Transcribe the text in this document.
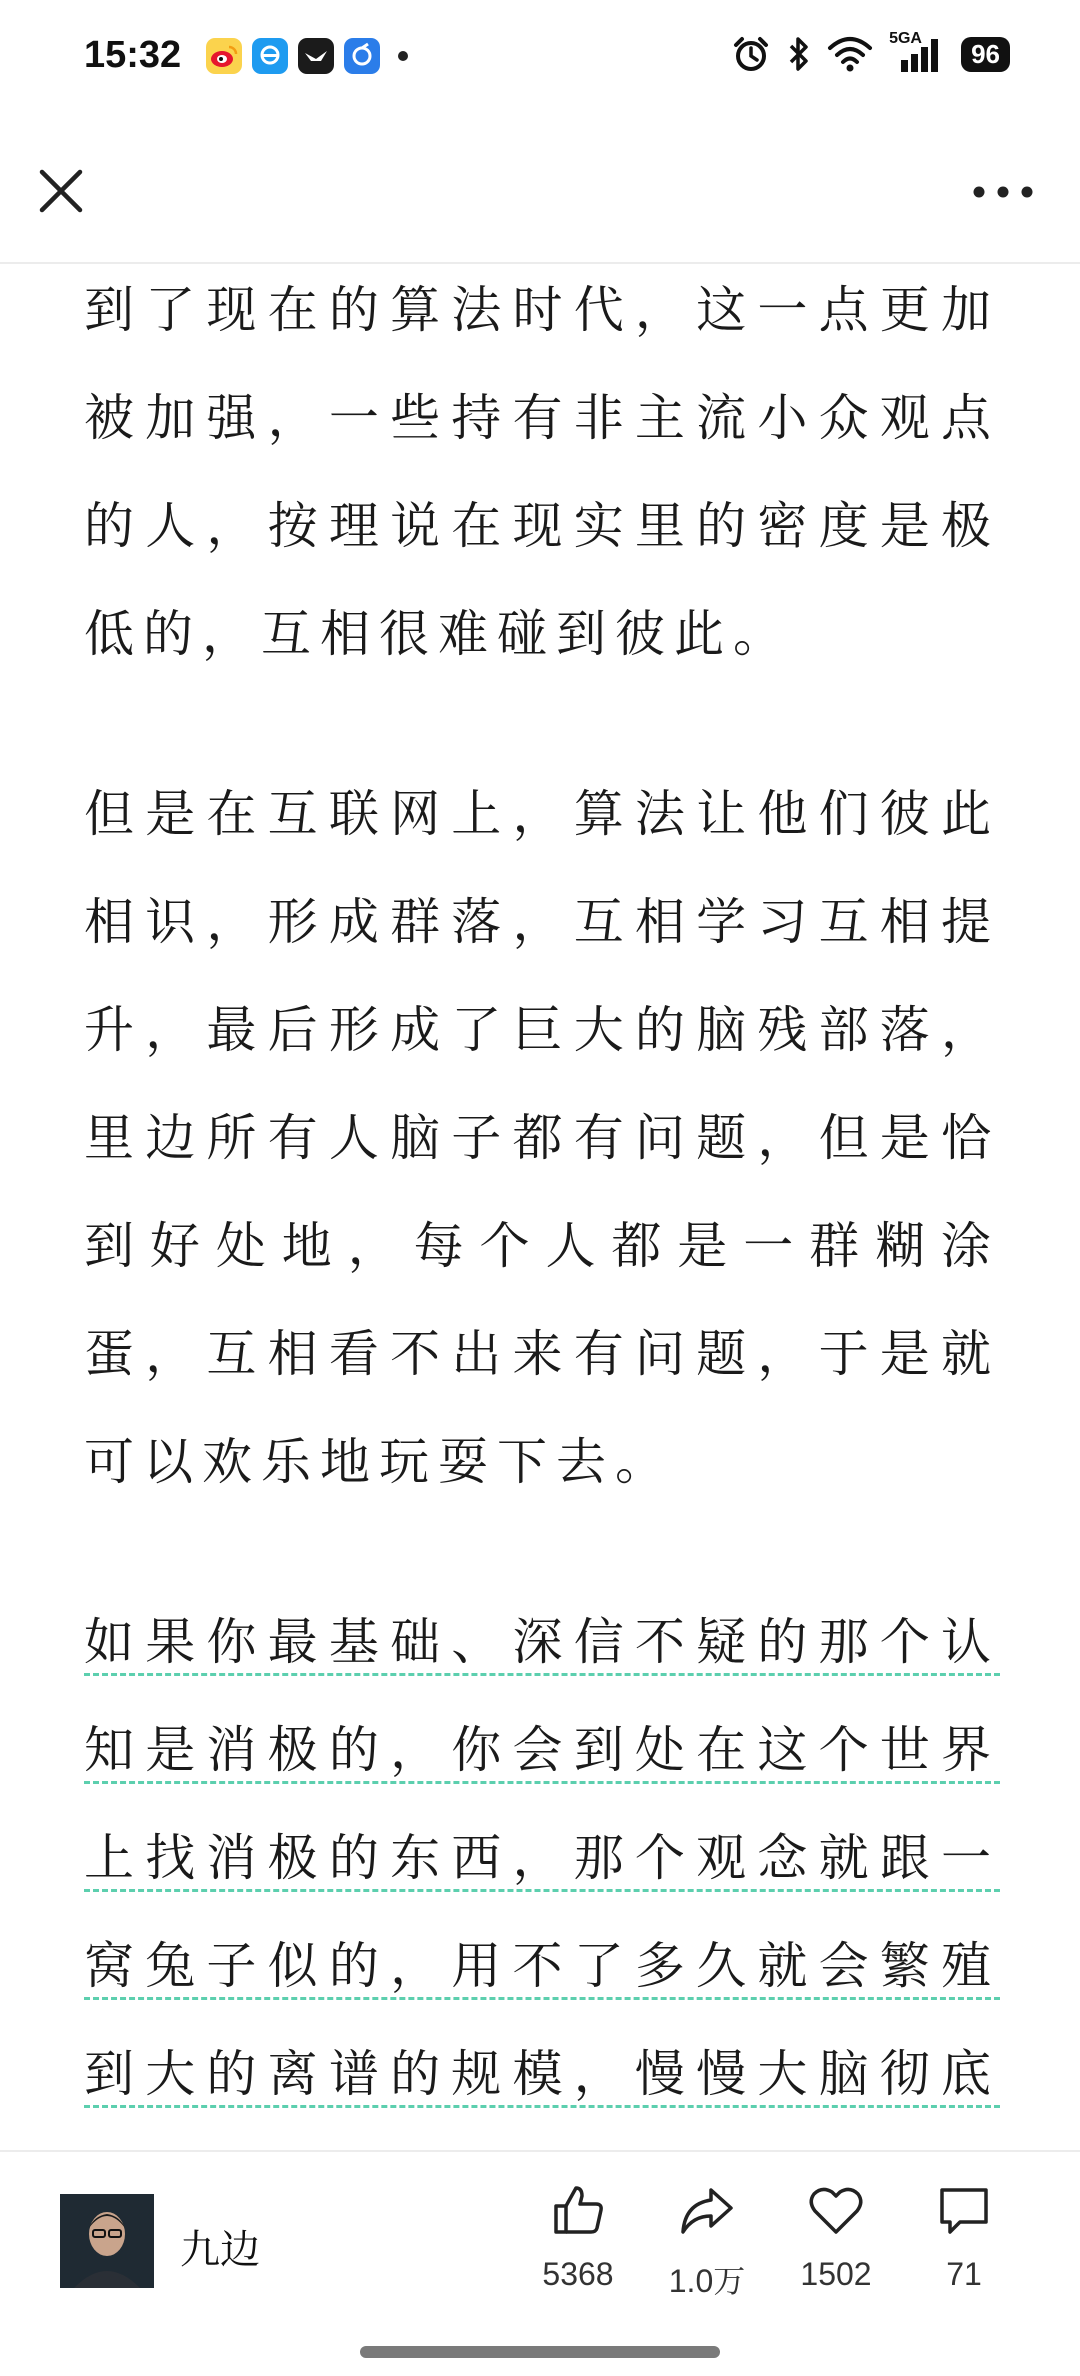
15:32	5GA	96

到了现在的算法时代，这一点更加被加强，一些持有非主流小众观点的人，按理说在现实里的密度是极低的，互相很难碰到彼此。

但是在互联网上，算法让他们彼此相识，形成群落，互相学习互相提升，最后形成了巨大的脑残部落，里边所有人脑子都有问题，但是恰到好处地，每个人都是一群糊涂蛋，互相看不出来有问题，于是就可以欢乐地玩耍下去。

如果你最基础、深信不疑的那个认知是消极的，你会到处在这个世界上找消极的东西，那个观念就跟一窝兔子似的，用不了多久就会繁殖到大的离谱的规模，慢慢大脑彻底

九边
5368 1.0万 1502 71
